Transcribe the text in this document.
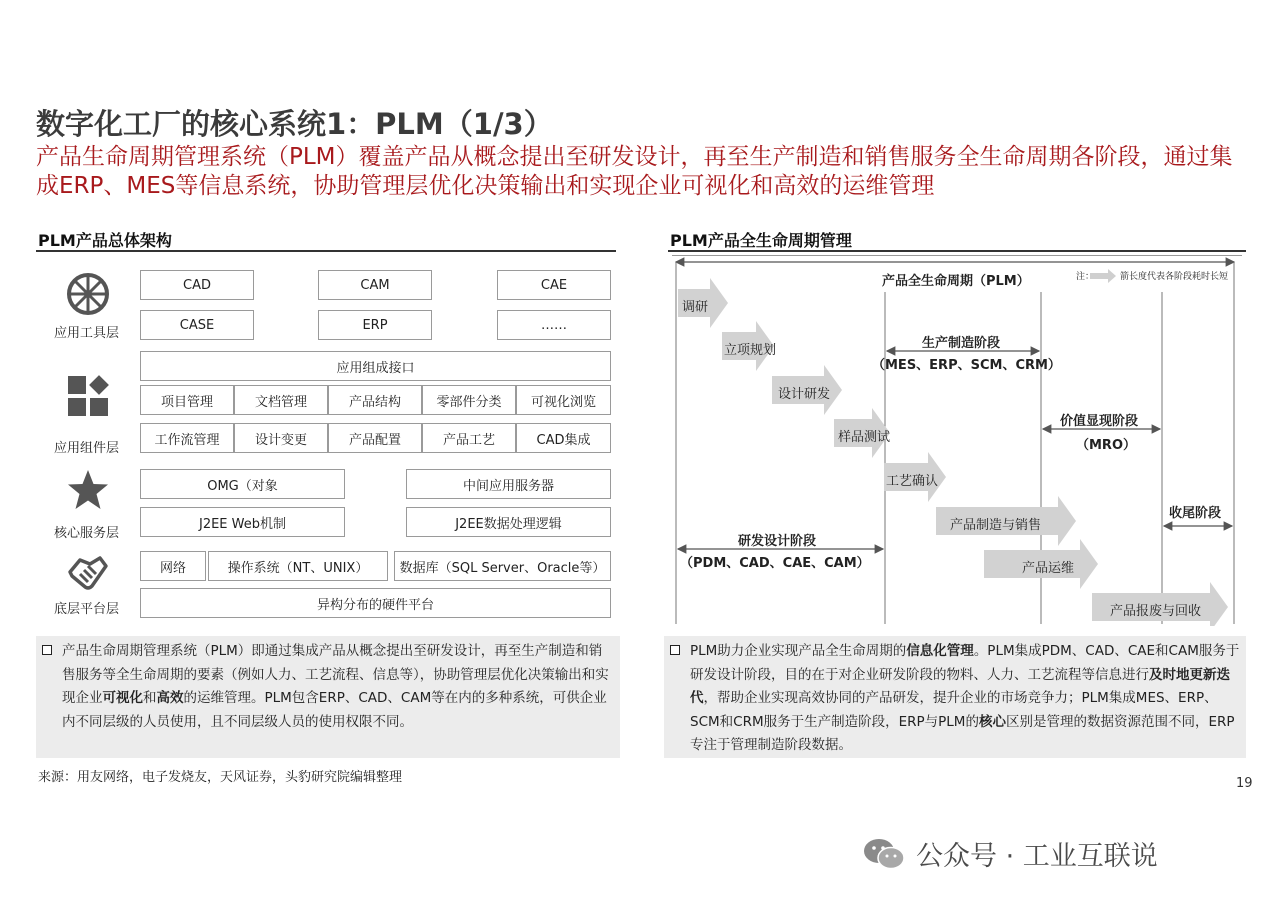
数字化工厂的核心系统1：PLM（1/3）
产品生命周期管理系统（PLM）覆盖产品从概念提出至研发设计，再至生产制造和销售服务全生命周期各阶段，通过集成ERP、MES等信息系统，协助管理层优化决策输出和实现企业可视化和高效的运维管理
PLM产品总体架构
应用工具层
CAD	CAM	CAE
CASE	ERP	……
应用组件层
应用组成接口
项目管理	文档管理	产品结构	零部件分类	可视化浏览
工作流管理	设计变更	产品配置	产品工艺	CAD集成
核心服务层
OMG（对象	中间应用服务器
J2EE Web机制	J2EE数据处理逻辑
底层平台层
网络	操作系统（NT、UNIX）	数据库（SQL Server、Oracle等）
异构分布的硬件平台
产品生命周期管理系统（PLM）即通过集成产品从概念提出至研发设计，再至生产制造和销售服务等全生命周期的要素（例如人力、工艺流程、信息等），协助管理层优化决策输出和实现企业可视化和高效的运维管理。PLM包含ERP、CAD、CAM等在内的多种系统，可供企业内不同层级的人员使用，且不同层级人员的使用权限不同。
来源：用友网络，电子发烧友，天风证券，头豹研究院编辑整理
PLM产品全生命周期管理
产品全生命周期（PLM）	注：	箭长度代表各阶段耗时长短
调研
立项规划
设计研发
样品测试
工艺确认
产品制造与销售
产品运维
产品报废与回收
生产制造阶段
（MES、ERP、SCM、CRM）
价值显现阶段
（MRO）
研发设计阶段
（PDM、CAD、CAE、CAM）
收尾阶段
PLM助力企业实现产品全生命周期的信息化管理。PLM集成PDM、CAD、CAE和CAM服务于研发设计阶段，目的在于对企业研发阶段的物料、人力、工艺流程等信息进行及时地更新迭代，帮助企业实现高效协同的产品研发，提升企业的市场竞争力；PLM集成MES、ERP、SCM和CRM服务于生产制造阶段，ERP与PLM的核心区别是管理的数据资源范围不同，ERP专注于管理制造阶段数据。
19
公众号 · 工业互联说
